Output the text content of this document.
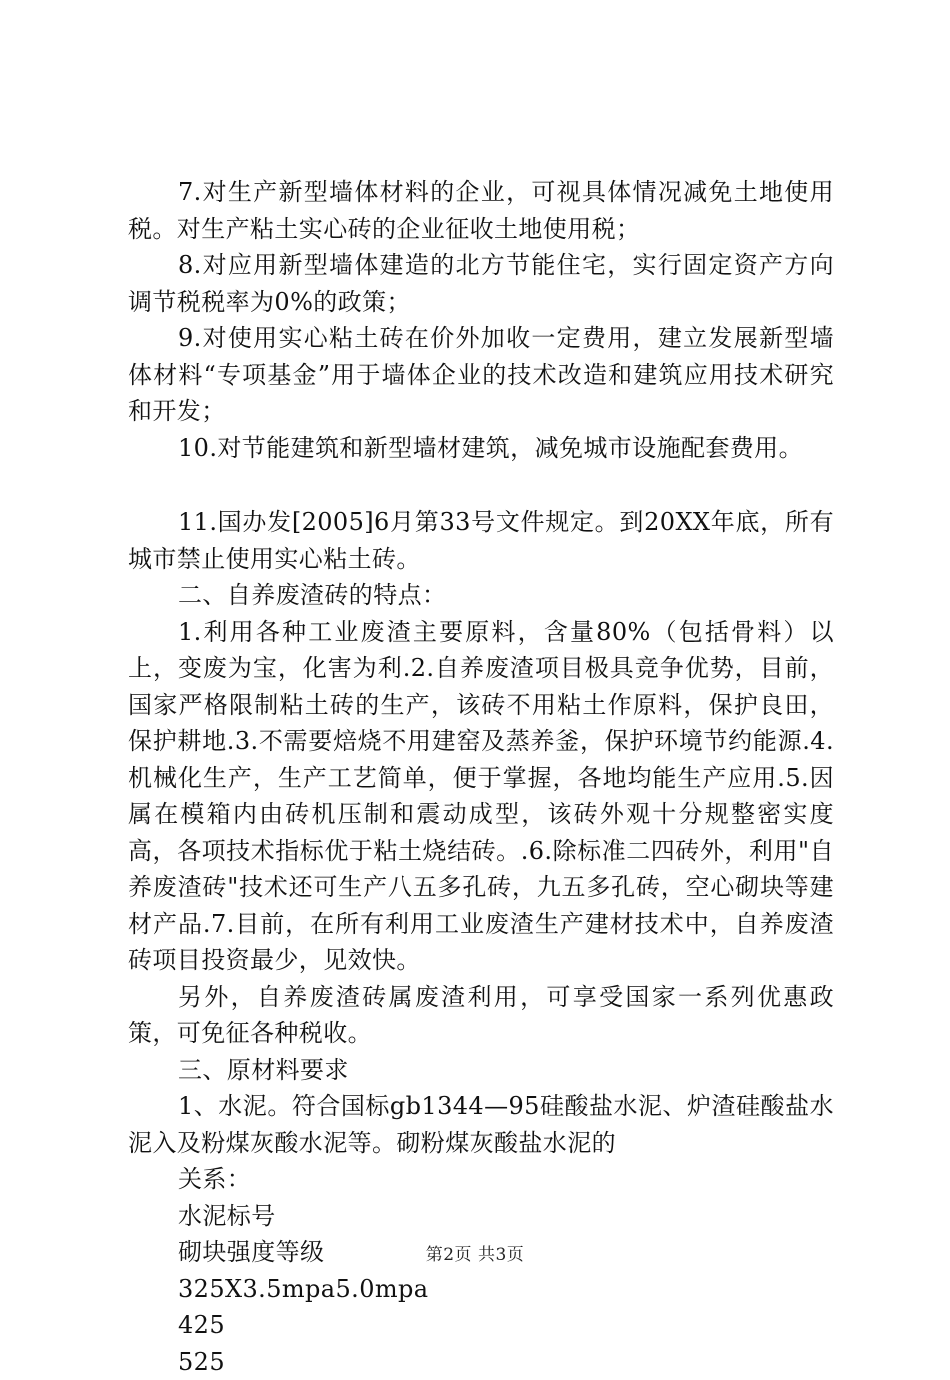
7.对生产新型墙体材料的企业，可视具体情况减免土地使用税。对生产粘土实心砖的企业征收土地使用税；

8.对应用新型墙体建造的北方节能住宅，实行固定资产方向调节税税率为0%的政策；

9.对使用实心粘土砖在价外加收一定费用，建立发展新型墙体材料“专项基金”用于墙体企业的技术改造和建筑应用技术研究和开发；

10.对节能建筑和新型墙材建筑，减免城市设施配套费用。

11.国办发[2005]6月第33号文件规定。到20XX年底，所有城市禁止使用实心粘土砖。

二、自养废渣砖的特点：

1.利用各种工业废渣主要原料，含量80%（包括骨料）以上，变废为宝，化害为利.2.自养废渣项目极具竞争优势，目前，国家严格限制粘土砖的生产，该砖不用粘土作原料，保护良田，保护耕地.3.不需要焙烧不用建窑及蒸养釜，保护环境节约能源.4.机械化生产，生产工艺简单，便于掌握，各地均能生产应用.5.因属在模箱内由砖机压制和震动成型，该砖外观十分规整密实度高，各项技术指标优于粘土烧结砖。.6.除标准二四砖外，利用"自养废渣砖"技术还可生产八五多孔砖，九五多孔砖，空心砌块等建材产品.7.目前，在所有利用工业废渣生产建材技术中，自养废渣砖项目投资最少，见效快。

另外，自养废渣砖属废渣利用，可享受国家一系列优惠政策，可免征各种税收。

三、原材料要求

1、水泥。符合国标gb1344—95硅酸盐水泥、炉渣硅酸盐水泥入及粉煤灰酸水泥等。砌粉煤灰酸盐水泥的

关系：

水泥标号

砌块强度等级

325X3.5mpa5.0mpa

425

525

第2页 共3页
